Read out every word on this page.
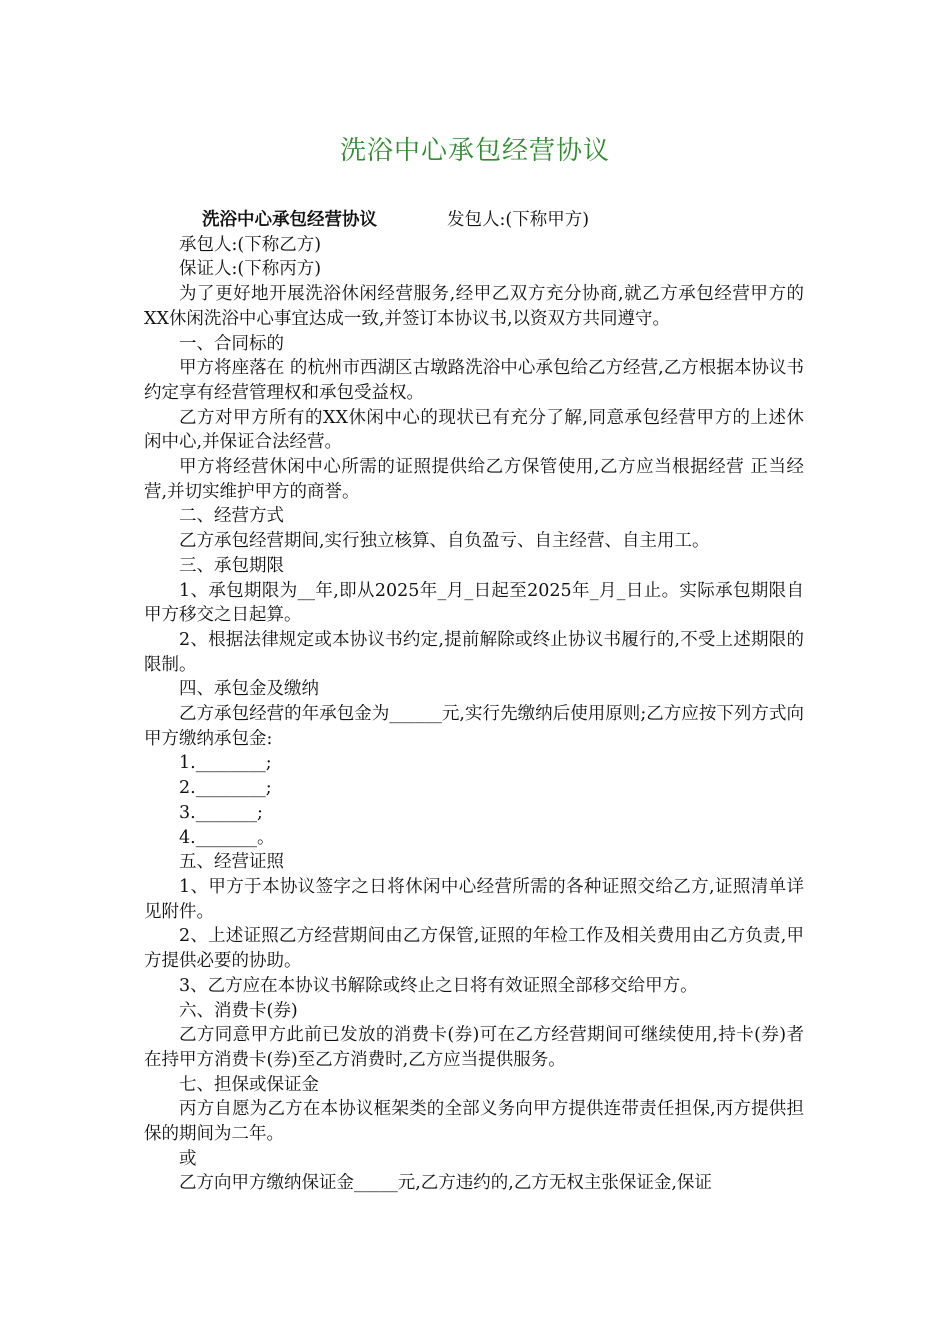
洗浴中心承包经营协议
洗浴中心承包经营协议	发包人:(下称甲方)

承包人:(下称乙方)

保证人:(下称丙方)

为了更好地开展洗浴休闲经营服务,经甲乙双方充分协商,就乙方承包经营甲方的XX休闲洗浴中心事宜达成一致,并签订本协议书,以资双方共同遵守。

一、合同标的

甲方将座落在 的杭州市西湖区古墩路洗浴中心承包给乙方经营,乙方根据本协议书约定享有经营管理权和承包受益权。

乙方对甲方所有的XX休闲中心的现状已有充分了解,同意承包经营甲方的上述休闲中心,并保证合法经营。

甲方将经营休闲中心所需的证照提供给乙方保管使用,乙方应当根据经营 正当经营,并切实维护甲方的商誉。

二、经营方式

乙方承包经营期间,实行独立核算、自负盈亏、自主经营、自主用工。

三、承包期限

1、承包期限为__年,即从2025年_月_日起至2025年_月_日止。实际承包期限自甲方移交之日起算。

2、根据法律规定或本协议书约定,提前解除或终止协议书履行的,不受上述期限的限制。

四、承包金及缴纳

乙方承包经营的年承包金为______元,实行先缴纳后使用原则;乙方应按下列方式向甲方缴纳承包金:

1.________;

2.________;

3._______;

4._______。

五、经营证照

1、甲方于本协议签字之日将休闲中心经营所需的各种证照交给乙方,证照清单详见附件。

2、上述证照乙方经营期间由乙方保管,证照的年检工作及相关费用由乙方负责,甲方提供必要的协助。

3、乙方应在本协议书解除或终止之日将有效证照全部移交给甲方。

六、消费卡(券)

乙方同意甲方此前已发放的消费卡(券)可在乙方经营期间可继续使用,持卡(券)者在持甲方消费卡(券)至乙方消费时,乙方应当提供服务。

七、担保或保证金

丙方自愿为乙方在本协议框架类的全部义务向甲方提供连带责任担保,丙方提供担保的期间为二年。

或

乙方向甲方缴纳保证金_____元,乙方违约的,乙方无权主张保证金,保证
